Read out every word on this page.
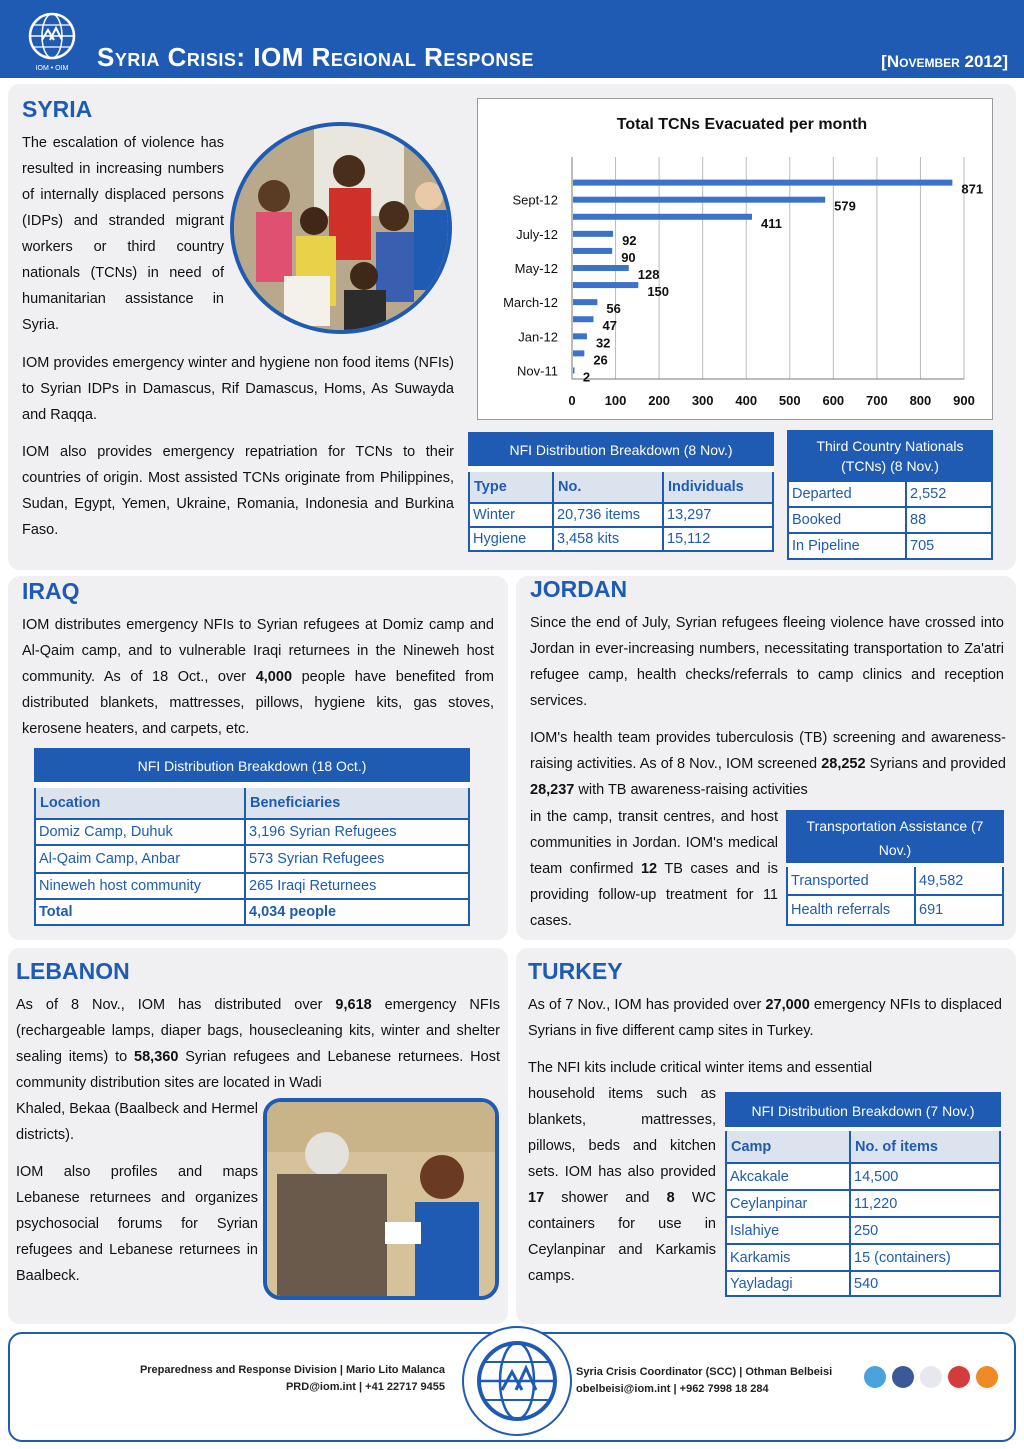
IOM • OIM Syria Crisis: IOM Regional Response	[November 2012]
SYRIA
The escalation of violence has resulted in increasing numbers of internally displaced persons (IDPs) and stranded migrant workers or third country nationals (TCNs) in need of humanitarian assistance in Syria.
IOM provides emergency winter and hygiene non food items (NFIs) to Syrian IDPs in Damascus, Rif Damascus, Homs, As Suwayda and Raqqa.
IOM also provides emergency repatriation for TCNs to their countries of origin. Most assisted TCNs originate from Philippines, Sudan, Egypt, Yemen, Ukraine, Romania, Indonesia and Burkina Faso.
Total TCNs Evacuated per month
2
26
32
47
56
150
128
90
92
411
579
871
Nov-11
Jan-12
March-12
May-12
July-12
Sept-12
0 100 200 300 400 500 600 700 800 900
NFI Distribution Breakdown (8 Nov.)		
Type	No.	Individuals
Winter	20,736 items	13,297
Hygiene	3,458 kits	15,112
Third Country Nationals (TCNs) (8 Nov.)	
Departed	2,552
Booked	88
In Pipeline	705
IRAQ
IOM distributes emergency NFIs to Syrian refugees at Domiz camp and Al-Qaim camp, and to vulnerable Iraqi returnees in the Nineweh host community. As of 18 Oct., over 4,000 people have benefited from distributed blankets, mattresses, pillows, hygiene kits, gas stoves, kerosene heaters, and carpets, etc.
NFI Distribution Breakdown (18 Oct.)	
Location	Beneficiaries
Domiz Camp, Duhuk	3,196 Syrian Refugees
Al-Qaim Camp, Anbar	573 Syrian Refugees
Nineweh host community	265 Iraqi Returnees
Total	4,034 people
JORDAN
Since the end of July, Syrian refugees fleeing violence have crossed into Jordan in ever-increasing numbers, necessitating transportation to Za'atri refugee camp, health checks/referrals to camp clinics and reception services.
IOM's health team provides tuberculosis (TB) screening and awareness-raising activities. As of 8 Nov., IOM screened 28,252 Syrians and provided 28,237 with TB awareness-raising activities
in the camp, transit centres, and host communities in Jordan. IOM's medical team confirmed 12 TB cases and is providing follow-up treatment for 11 cases.
Transportation Assistance (7 Nov.)	
Transported	49,582
Health referrals	691
LEBANON
As of 8 Nov., IOM has distributed over 9,618 emergency NFIs (rechargeable lamps, diaper bags, housecleaning kits, winter and shelter sealing items) to 58,360 Syrian refugees and Lebanese returnees. Host community distribution sites are located in Wadi
Khaled, Bekaa (Baalbeck and Hermel districts).
IOM also profiles and maps Lebanese returnees and organizes psychosocial forums for Syrian refugees and Lebanese returnees in Baalbeck.
TURKEY
As of 7 Nov., IOM has provided over 27,000 emergency NFIs to displaced Syrians in five different camp sites in Turkey.
The NFI kits include critical winter items and essential
household items such as blankets, mattresses, pillows, beds and kitchen sets. IOM has also provided 17 shower and 8 WC containers for use in Ceylanpinar and Karkamis camps.
NFI Distribution Breakdown (7 Nov.)	
Camp	No. of items
Akcakale	14,500
Ceylanpinar	11,220
Islahiye	250
Karkamis	15 (containers)
Yayladagi	540
Preparedness and Response Division | Mario Lito Malanca
PRD@iom.int | +41 22717 9455
Syria Crisis Coordinator (SCC) | Othman Belbeisi
obelbeisi@iom.int | +962 7998 18 284
